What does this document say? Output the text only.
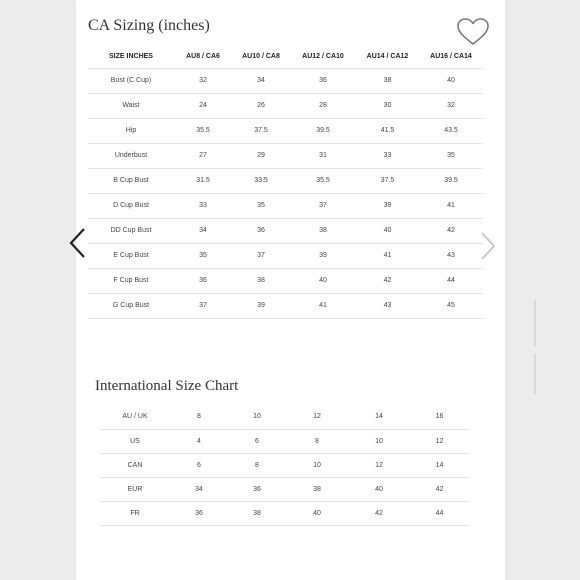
CA Sizing (inches)
SIZE INCHES	AU8 / CA6	AU10 / CA8	AU12 / CA10	AU14 / CA12	AU16 / CA14
Bust (C Cup)	32	34	36	38	40
Waist	24	26	28	30	32
Hip	35.5	37.5	39.5	41.5	43.5
Underbust	27	29	31	33	35
B Cup Bust	31.5	33.5	35.5	37.5	39.5
D Cup Bust	33	35	37	39	41
DD Cup Bust	34	36	38	40	42
E Cup Bust	35	37	39	41	43
F Cup Bust	36	38	40	42	44
G Cup Bust	37	39	41	43	45
International Size Chart
AU / UK	8	10	12	14	16
US	4	6	8	10	12
CAN	6	8	10	12	14
EUR	34	36	38	40	42
FR	36	38	40	42	44
